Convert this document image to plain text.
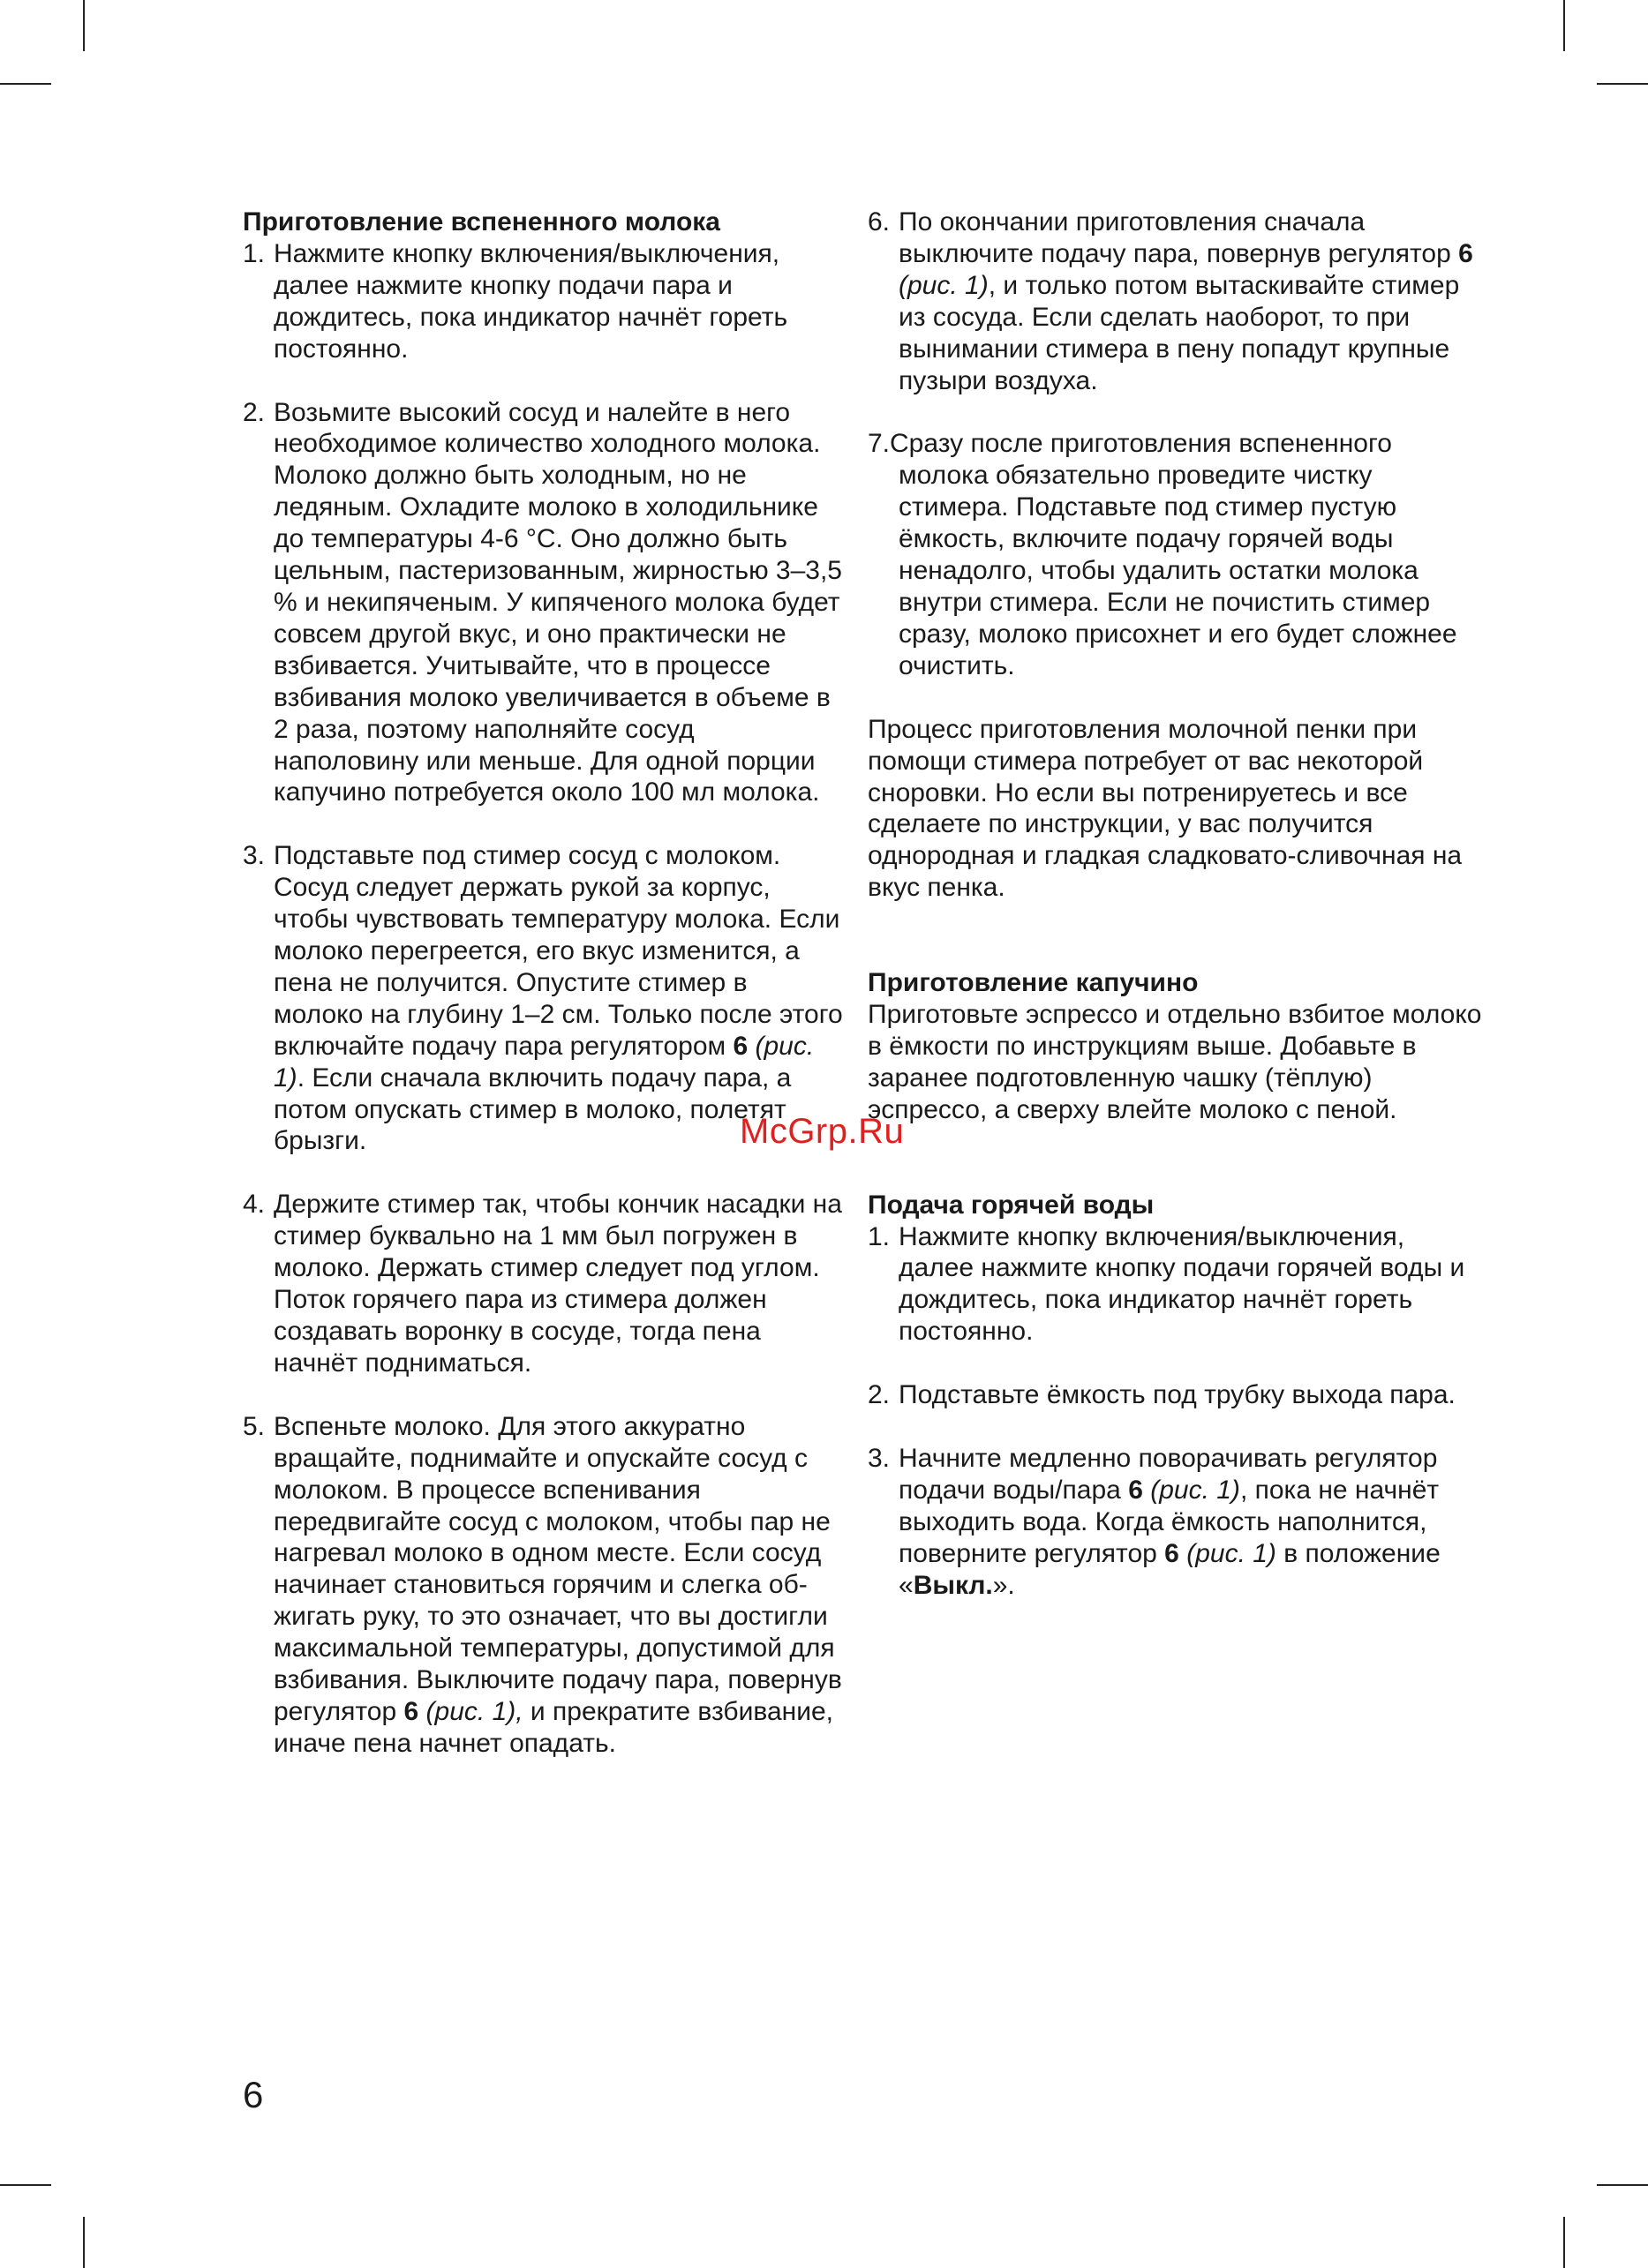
Приготовление вспененного молока

1. Нажмите кнопку включения/выключения, далее нажмите кнопку подачи пара и дождитесь, пока индикатор начнёт гореть постоянно.
2. Возьмите высокий сосуд и налейте в него необходимое количество холодного молока. Молоко должно быть холодным, но не ледяным. Охладите молоко в холодильнике до температуры 4-6 °С. Оно должно быть цельным, пастеризованным, жирностью 3–3,5 % и некипяченым. У кипяченого молока будет совсем другой вкус, и оно практически не взбивается. Учитывайте, что в процессе взбивания молоко увеличивается в объеме в 2 раза, поэтому наполняйте сосуд наполовину или меньше. Для одной порции капучино потребуется около 100 мл молока.
3. Подставьте под стимер сосуд с молоком. Сосуд следует держать рукой за корпус, чтобы чувствовать температуру молока. Если молоко перегреется, его вкус изменится, а пена не получится. Опустите стимер в молоко на глубину 1–2 см. Только после этого включайте подачу пара регулятором 6 (рис. 1). Если сначала включить подачу пара, а потом опускать стимер в молоко, полетят брызги.
4. Держите стимер так, чтобы кончик насадки на стимер буквально на 1 мм был погружен в молоко. Держать стимер следует под углом. Поток горячего пара из стимера должен создавать воронку в сосуде, тогда пена начнёт подниматься.
5. Вспеньте молоко. Для этого аккуратно вращайте, поднимайте и опускайте сосуд с молоком. В процессе вспенивания передвигайте сосуд с молоком, чтобы пар не нагревал молоко в одном месте. Если сосуд начинает становиться горячим и слегка обжигать руку, то это означает, что вы достигли максимальной температуры, допустимой для взбивания. Выключите подачу пара, повернув регулятор 6 (рис. 1), и прекратите взбивание, иначе пена начнет опадать.
6. По окончании приготовления сначала выключите подачу пара, повернув регулятор 6 (рис. 1), и только потом вытаскивайте стимер из сосуда. Если сделать наоборот, то при вынимании стимера в пену попадут крупные пузыри воздуха.

7.Сразу после приготовления вспененного молока обязательно проведите чистку стимера. Подставьте под стимер пустую ёмкость, включите подачу горячей воды ненадолго, чтобы удалить остатки молока внутри стимера. Если не почистить стимер сразу, молоко присохнет и его будет сложнее очистить.

Процесс приготовления молочной пенки при помощи стимера потребует от вас некоторой сноровки. Но если вы потренируетесь и все сделаете по инструкции, у вас получится однородная и гладкая сладковато-сливочная на вкус пенка.

Приготовление капучино

Приготовьте эспрессо и отдельно взбитое молоко в ёмкости по инструкциям выше. Добавьте в заранее подготовленную чашку (тёплую) эспрессо, а сверху влейте молоко с пеной.

Подача горячей воды

1. Нажмите кнопку включения/выключения, далее нажмите кнопку подачи горячей воды и дождитесь, пока индикатор начнёт гореть постоянно.
2. Подставьте ёмкость под трубку выхода пара.
3. Начните медленно поворачивать регулятор подачи воды/пара 6 (рис. 1), пока не начнёт выходить вода. Когда ёмкость наполнится, поверните регулятор 6 (рис. 1) в положение «Выкл.».
McGrp.Ru
6
